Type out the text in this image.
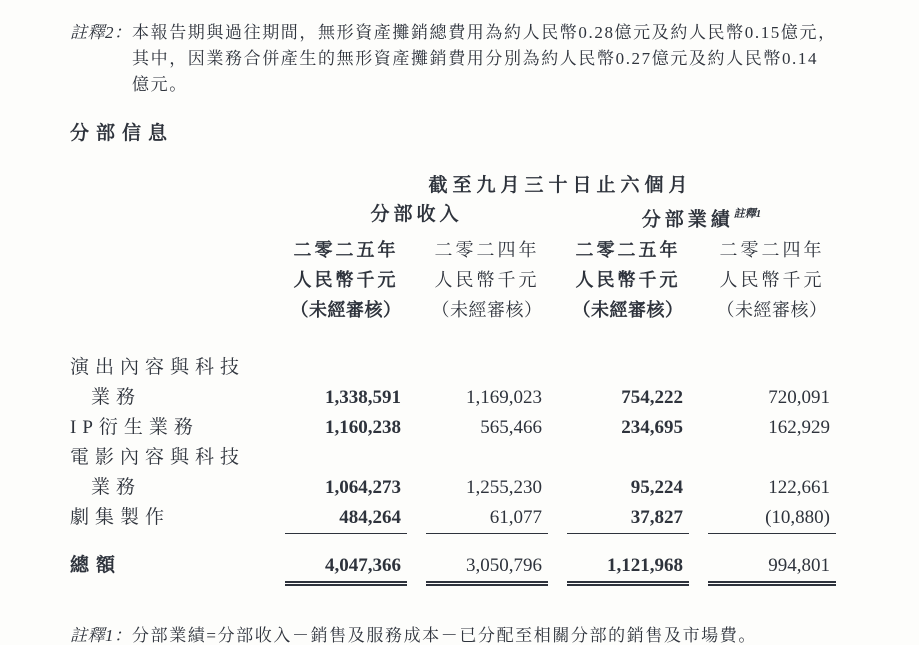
註釋2： 本報告期與過往期間，無形資產攤銷總費用為約人民幣0.28億元及約人民幣0.15億元，
其中，因業務合併產生的無形資產攤銷費用分別為約人民幣0.27億元及約人民幣0.14
億元。
分部信息
截至九月三十日止六個月
分部收入	分部業績$^{註釋1}$
二零二五年	二零二四年	二零二五年	二零二四年
人民幣千元	人民幣千元	人民幣千元	人民幣千元
（未經審核）	（未經審核）	（未經審核）	（未經審核）
演出內容與科技
業務	1,338,591	1,169,023	754,222	720,091
IP衍生業務	1,160,238	565,466	234,695	162,929
電影內容與科技
業務	1,064,273	1,255,230	95,224	122,661
劇集製作	484,264	61,077	37,827	(10,880)
總額	4,047,366	3,050,796	1,121,968	994,801
註釋1： 分部業績=分部收入－銷售及服務成本－已分配至相關分部的銷售及市場費。
